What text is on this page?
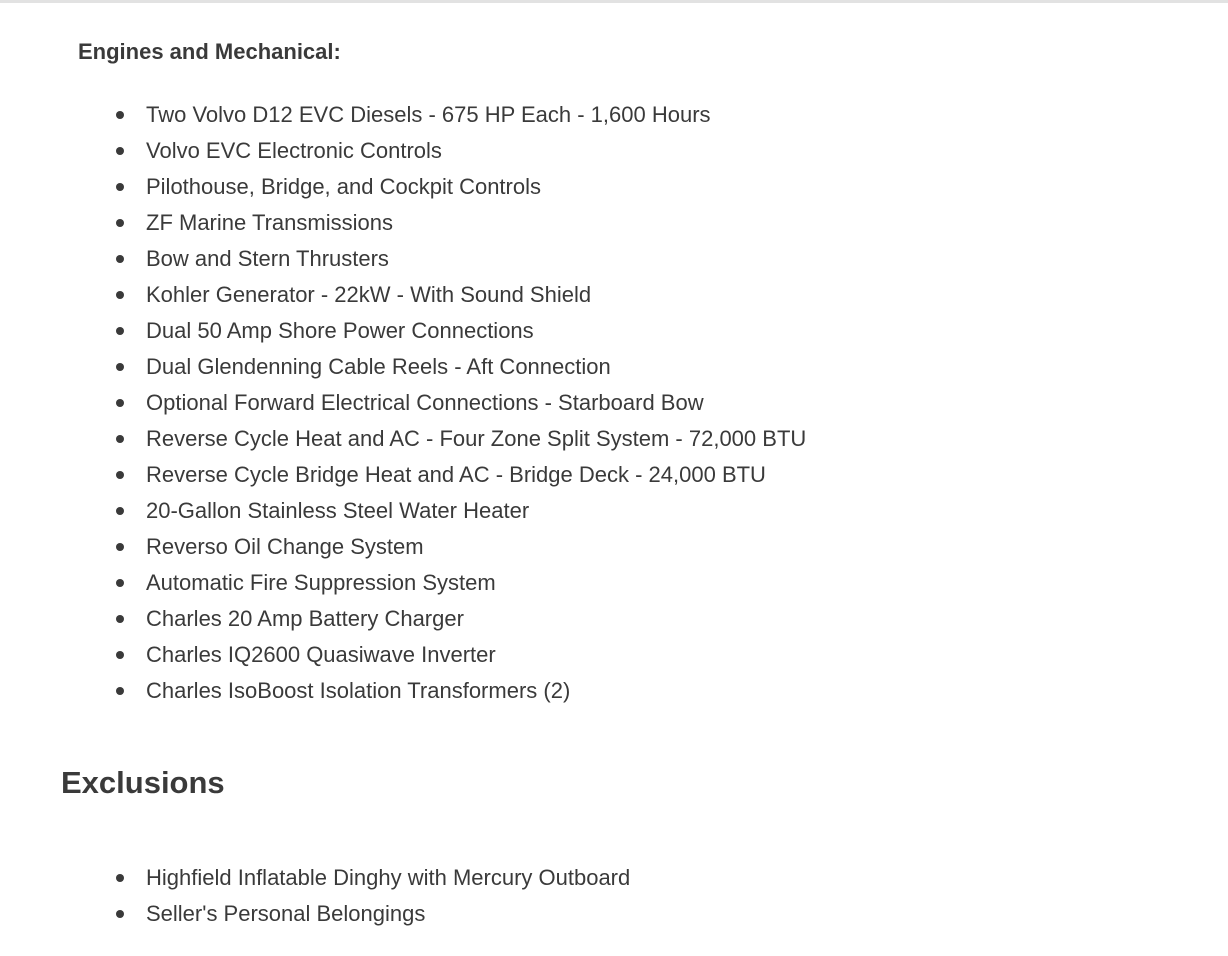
Engines and Mechanical:

Two Volvo D12 EVC Diesels - 675 HP Each - 1,600 Hours
Volvo EVC Electronic Controls
Pilothouse, Bridge, and Cockpit Controls
ZF Marine Transmissions
Bow and Stern Thrusters
Kohler Generator - 22kW - With Sound Shield
Dual 50 Amp Shore Power Connections
Dual Glendenning Cable Reels - Aft Connection
Optional Forward Electrical Connections - Starboard Bow
Reverse Cycle Heat and AC - Four Zone Split System - 72,000 BTU
Reverse Cycle Bridge Heat and AC - Bridge Deck - 24,000 BTU
20-Gallon Stainless Steel Water Heater
Reverso Oil Change System
Automatic Fire Suppression System
Charles 20 Amp Battery Charger
Charles IQ2600 Quasiwave Inverter
Charles IsoBoost Isolation Transformers (2)
Exclusions
Highfield Inflatable Dinghy with Mercury Outboard
Seller's Personal Belongings
